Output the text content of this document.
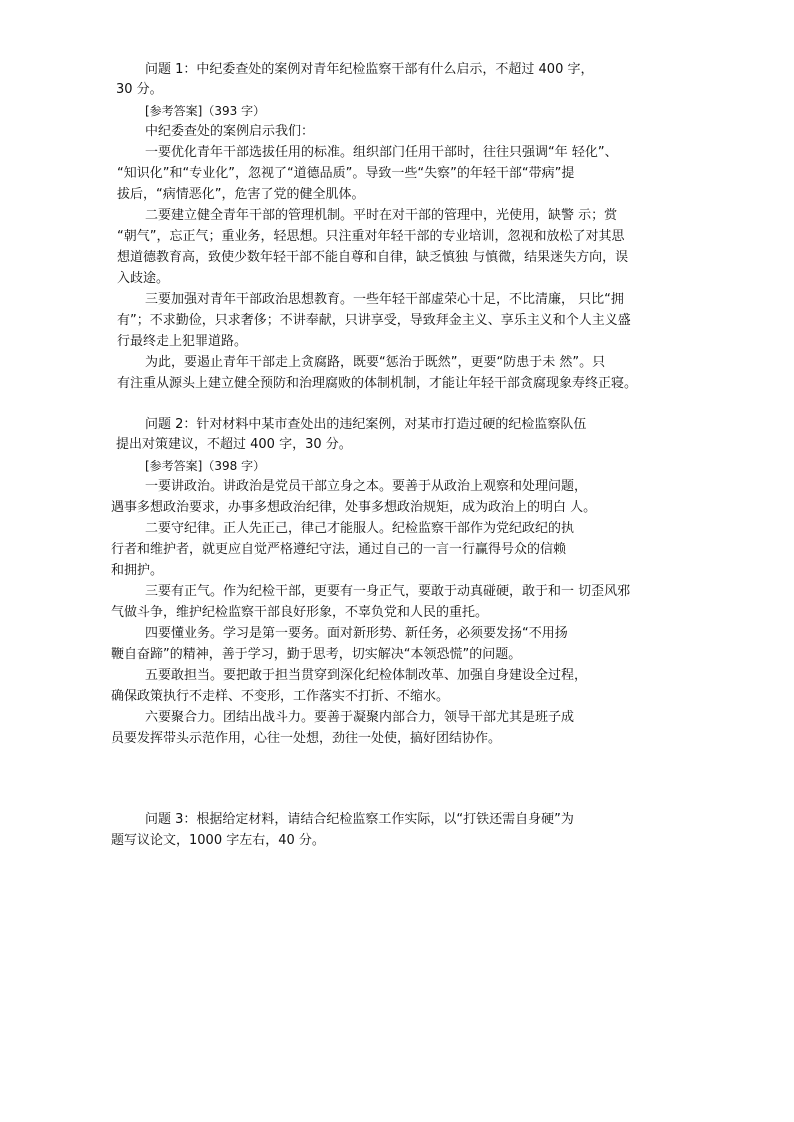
问题 1：中纪委查处的案例对青年纪检监察干部有什么启示，不超过 400 字，

30 分。

[参考答案]（393 字）

中纪委查处的案例启示我们：

一要优化青年干部选拔任用的标准。组织部门任用干部时，往往只强调“年 轻化”、

“知识化”和“专业化”，忽视了“道德品质”。导致一些“失察”的年轻干部“带病”提

拔后，“病情恶化”，危害了党的健全肌体。

二要建立健全青年干部的管理机制。平时在对干部的管理中，光使用，缺警 示；赏

“朝气”，忘正气；重业务，轻思想。只注重对年轻干部的专业培训，忽视和放松了对其思

想道德教育高，致使少数年轻干部不能自尊和自律，缺乏慎独 与慎微，结果迷失方向，误

入歧途。

三要加强对青年干部政治思想教育。一些年轻干部虚荣心十足，不比清廉， 只比“拥

有”；不求勤俭，只求奢侈；不讲奉献，只讲享受，导致拜金主义、享乐主义和个人主义盛

行最终走上犯罪道路。

为此，要遏止青年干部走上贪腐路，既要“惩治于既然”，更要“防患于未 然”。只

有注重从源头上建立健全预防和治理腐败的体制机制，才能让年轻干部贪腐现象寿终正寝。

问题 2：针对材料中某市查处出的违纪案例，对某市打造过硬的纪检监察队伍

提出对策建议，不超过 400 字，30 分。

[参考答案]（398 字）

一要讲政治。讲政治是党员干部立身之本。要善于从政治上观察和处理问题，

遇事多想政治要求，办事多想政治纪律，处事多想政治规矩，成为政治上的明白 人。

二要守纪律。正人先正己，律己才能服人。纪检监察干部作为党纪政纪的执

行者和维护者，就更应自觉严格遵纪守法，通过自己的一言一行赢得号众的信赖

和拥护。

三要有正气。作为纪检干部，更要有一身正气，要敢于动真碰硬，敢于和一 切歪风邪

气做斗争，维护纪检监察干部良好形象，不辜负党和人民的重托。

四要懂业务。学习是第一要务。面对新形势、新任务，必须要发扬“不用扬

鞭自奋蹄”的精神，善于学习，勤于思考，切实解决“本领恐慌”的问题。

五要敢担当。要把敢于担当贯穿到深化纪检体制改革、加强自身建设全过程，

确保政策执行不走样、不变形，工作落实不打折、不缩水。

六要聚合力。团结出战斗力。要善于凝聚内部合力，领导干部尤其是班子成

员要发挥带头示范作用，心往一处想，劲往一处使，搞好团结协作。

问题 3：根据给定材料，请结合纪检监察工作实际，以“打铁还需自身硬”为

题写议论文，1000 字左右，40 分。
